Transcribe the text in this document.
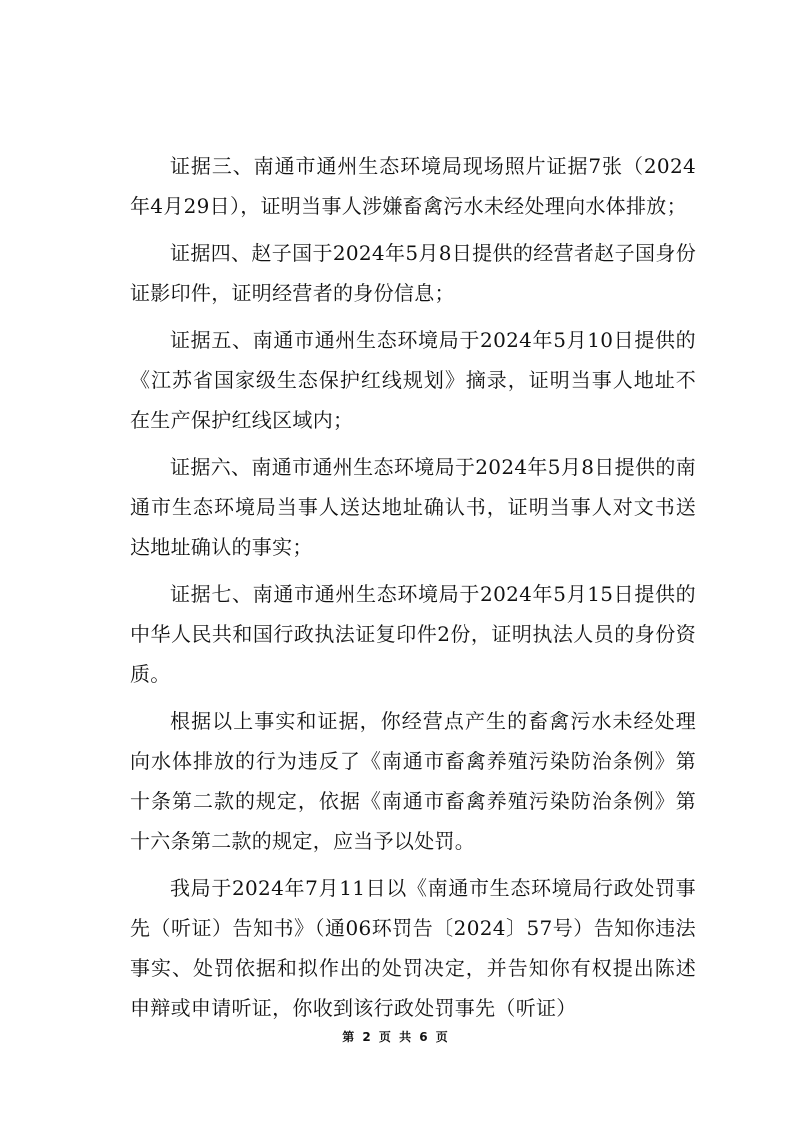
证据三、南通市通州生态环境局现场照片证据7张（2024年4月29日），证明当事人涉嫌畜禽污水未经处理向水体排放；

证据四、赵子国于2024年5月8日提供的经营者赵子国身份证影印件，证明经营者的身份信息；

证据五、南通市通州生态环境局于2024年5月10日提供的《江苏省国家级生态保护红线规划》摘录，证明当事人地址不在生产保护红线区域内；

证据六、南通市通州生态环境局于2024年5月8日提供的南通市生态环境局当事人送达地址确认书，证明当事人对文书送达地址确认的事实；

证据七、南通市通州生态环境局于2024年5月15日提供的中华人民共和国行政执法证复印件2份，证明执法人员的身份资质。

根据以上事实和证据，你经营点产生的畜禽污水未经处理向水体排放的行为违反了《南通市畜禽养殖污染防治条例》第十条第二款的规定，依据《南通市畜禽养殖污染防治条例》第十六条第二款的规定，应当予以处罚。

我局于2024年7月11日以《南通市生态环境局行政处罚事先（听证）告知书》（通06环罚告〔2024〕57号）告知你违法事实、处罚依据和拟作出的处罚决定，并告知你有权提出陈述申辩或申请听证，你收到该行政处罚事先（听证）

第 2 页 共 6 页
